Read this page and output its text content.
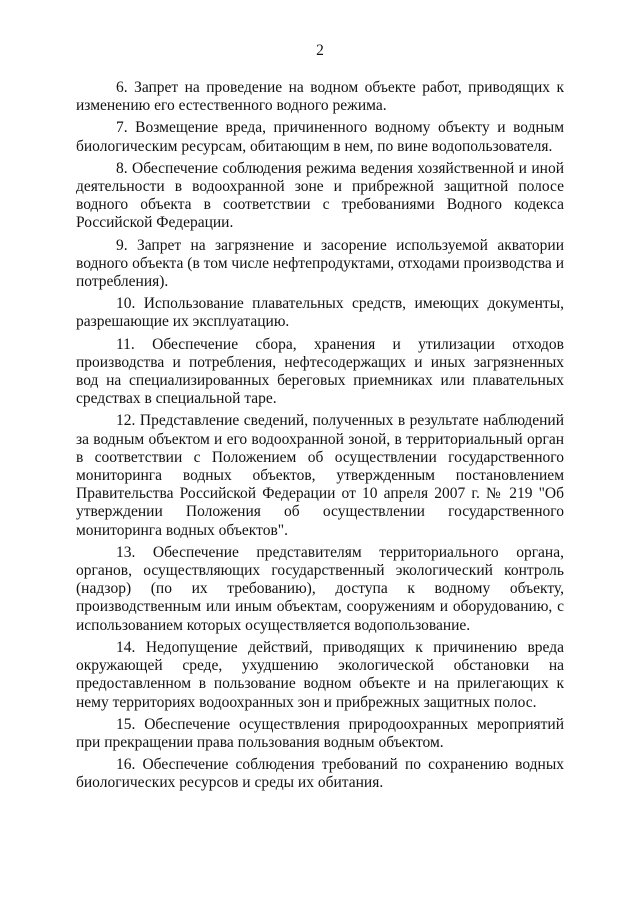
2

6. Запрет на проведение на водном объекте работ, приводящих к изменению его естественного водного режима.

7. Возмещение вреда, причиненного водному объекту и водным биологическим ресурсам, обитающим в нем, по вине водопользователя.

8. Обеспечение соблюдения режима ведения хозяйственной и иной деятельности в водоохранной зоне и прибрежной защитной полосе водного объекта в соответствии с требованиями Водного кодекса Российской Федерации.

9. Запрет на загрязнение и засорение используемой акватории водного объекта (в том числе нефтепродуктами, отходами производства и потребления).

10. Использование плавательных средств, имеющих документы, разрешающие их эксплуатацию.

11. Обеспечение сбора, хранения и утилизации отходов производства и потребления, нефтесодержащих и иных загрязненных вод на специализированных береговых приемниках или плавательных средствах в специальной таре.

12. Представление сведений, полученных в результате наблюдений за водным объектом и его водоохранной зоной, в территориальный орган в соответствии с Положением об осуществлении государственного мониторинга водных объектов, утвержденным постановлением Правительства Российской Федерации от 10 апреля 2007 г. № 219 "Об утверждении Положения об осуществлении государственного мониторинга водных объектов".

13. Обеспечение представителям территориального органа, органов, осуществляющих государственный экологический контроль (надзор) (по их требованию), доступа к водному объекту, производственным или иным объектам, сооружениям и оборудованию, с использованием которых осуществляется водопользование.

14. Недопущение действий, приводящих к причинению вреда окружающей среде, ухудшению экологической обстановки на предоставленном в пользование водном объекте и на прилегающих к нему территориях водоохранных зон и прибрежных защитных полос.

15. Обеспечение осуществления природоохранных мероприятий при прекращении права пользования водным объектом.

16. Обеспечение соблюдения требований по сохранению водных биологических ресурсов и среды их обитания.
